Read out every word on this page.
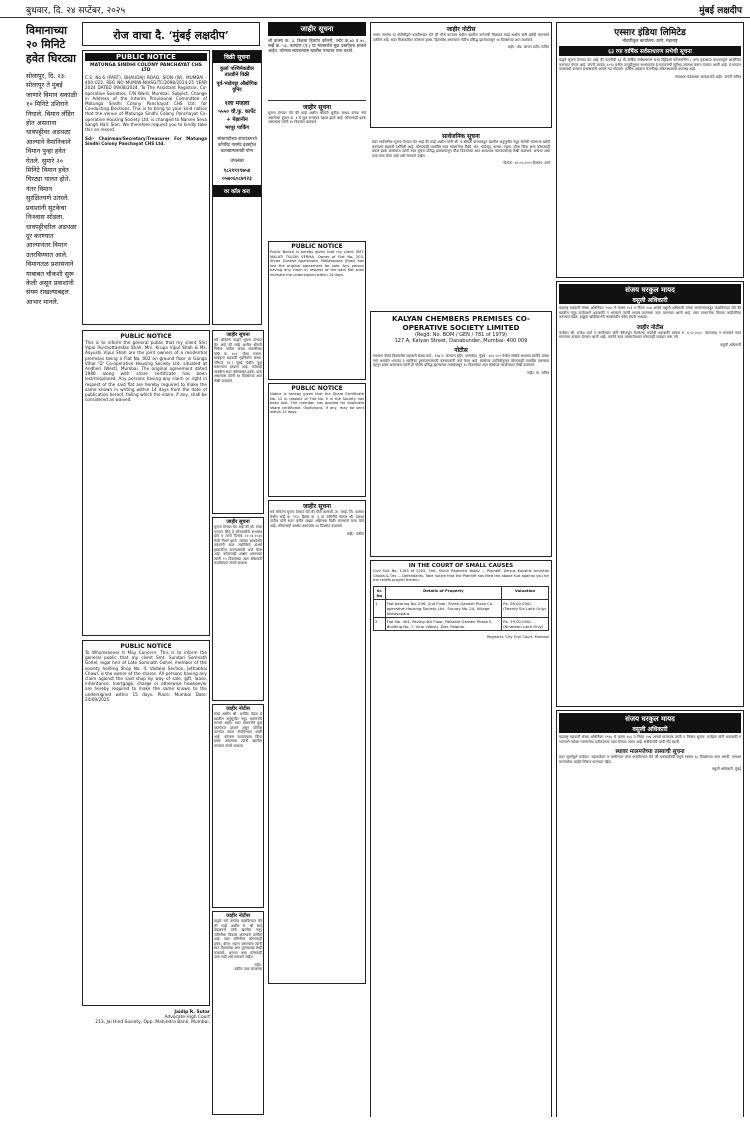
बुधवार, दि. २४ सप्टेंबर, २०२५	मुंबई लक्षदीप
विमानाच्या २० मिनिटे हवेत घिरट्या
सोलापूर, दि. २३: सोलापूर ते मुंबई जाणारे विमान सकाळी १० मिनिटे उशिराने निघाले. विमान लँडिंग होत असताना धावपट्टीवर अडथळा आल्याने वैमानिकाने विमान पुन्हा हवेत घेतले. सुमारे २० मिनिटे विमान हवेत घिरट्या घालत होते. नंतर विमान सुरक्षितपणे उतरले. प्रवाशांनी सुटकेचा निःश्वास सोडला. धावपट्टीवरील अडथळा दूर करण्यात आल्यानंतर विमान उतरविण्यात आले. विमानतळ प्रशासनाने याबाबत चौकशी सुरू केली असून प्रवाशांनी संयम राखल्याबद्दल आभार मानले.
रोज वाचा दै. ‘मुंबई लक्षदीप’
PUBLIC NOTICE
MATUNGA SINDHI COLONY PANCHAYAT CHS LTD
C.S. No.6 (PART), BHAUDAJI ROAD, SION (W), MUMBAI - 400 022. REG NO MUM/W-N/HSG/TC/2698/2024-25 YEAR 2024 DATED 09/08/2024. To The Assistant Registrar, Co-operative Societies, F/N Ward, Mumbai. Subject: Change in Address of the Interim Provisional Committee of Matunga Sindhi Colony Panchayat CHS Ltd. for Conducting Elections. This is to bring to your kind notice that the venue of Matunga Sindhi Colony Panchayat Co-operative Housing Society Ltd. is changed to Narsee Seva Sangh Hall, Sion. We therefore request you to kindly take this on record.
Sd/- Chairman/Secretary/Treasurer For Matunga Sindhi Colony Panchayat CHS Ltd.
विक्री सूचना
कुर्ला पश्चिमेकडील तातडीने विक्री
पूर्व-भाडेपट्टा औद्योगिक युनिट
१ला मजला
५५५० चौ.फु. कार्पेट
+ मेझानीन
भरपूर पार्किंग
सोसायटीच्या कंपाउंडमध्ये कॉर्पोरेट गारमेंट इंडस्ट्रीज कारखान्यासाठी योग्य
उपलब्ध
९८२१९१९७५४
०५७०६०८७९२३
वर कॉल करा
PUBLIC NOTICE
This is to inform the general public that my client Shri Vipul Purshottamdas Shah, Mrs. Krupa Vipul Shah & Ms. Aayushi Vipul Shah are the joint owners of a residential premises being a Flat No. 002 on ground floor in Ganga Vihar 'D' Co-operative Housing Society Ltd. situated at Andheri (West), Mumbai. The original agreement dated 1986 along with share certificate has been lost/misplaced. Any persons having any claim or right in respect of the said flat are hereby required to make the same known in writing within 14 days from the date of publication hereof, failing which the claim, if any, shall be considered as waived.
PUBLIC NOTICE
To Whomsoever It May Concern: This is to inform the general public that my client Smt. Sundari Somnath Gohel, legal heir of Late Somnath Gohel, member of the society holding Shop No. 4, Vadalal Section, Jethabhai Chawl, is the owner of the shares. All persons having any claim against the said shop by way of sale, gift, lease, inheritance, mortgage, charge or otherwise howsoever are hereby required to make the same known to the undersigned within 15 days. Place: Mumbai Date: 24/09/2025.
Jaidip R. Sutar
Advocate High Court
213, Jai Hind Society, Opp. Mahindra Bank, Mumbai.
जाहीर सूचना
सर्व लोकांना याद्वारे सूचना देण्यात येत आहे की माझे अशील श्रीमती निर्मला पाटील यांच्या मालकीच्या फ्लॅट क्र. ४०२, चौथा मजला, साईकृपा सहकारी गृहनिर्माण संस्था, गोरेगाव (प.) मुंबई येथील मूळ करारनामा हरवला आहे. कोणाही व्यक्तीस सदर फ्लॅटबाबत हक्क, दावा असल्यास त्यांनी १४ दिवसांच्या आत लेखी कळवावे.
जाहीर सूचना
सूचना देण्यात येत आहे की श्री. रमेश गणपत शिंदे हे सोसायटीचे सभासद होते व त्यांचे दिनांक १२.०३.२०२४ रोजी निधन झाले. त्यांच्या कायदेशीर वारसांनी सदर सदनिकेचे शेअर्स हस्तांतरित करण्यासाठी अर्ज केला आहे. कोणाचाही आक्षेप असल्यास त्यांनी १५ दिवसांच्या आत सोसायटी कार्यालयात संपर्क साधावा.
जाहीर नोटीस
माझे अशील श्री. अरविंद मेहता हे खालील अनुसूचीत नमूद मालमत्तेचे मालक आहेत. सदर मालमत्तेचे मूळ दस्तऐवज हरवले असून पोलिस ठाण्यात तक्रार नोंदविण्यात आली आहे. कोणास सापडल्यास किंवा हक्क असल्यास त्यांनी खालील पत्त्यावर संपर्क साधावा.
जाहीर नोटीस
याद्वारे सर्व जनतेस कळविण्यात येते की माझे अशील मे. श्री साई डेव्हलपर्स यांनी खालील नमूद जमिनीचा विकास करण्याचे ठरविले आहे. सदर जमिनीवर कोणाचाही हक्क, बोजा, गहाण असल्यास त्यांनी सात दिवसांच्या आत पुराव्यासह लेखी कळवावे, अन्यथा असा कोणताही दावा नाही असे समजले जाईल.
सही/-
वकील उच्च न्यायालय
जाहीर सूचना
श्री हाजरा क. ३, त्रिशला हिल्टॉप कॉलनी, प्लॉट क्र.७३ व ७८, सर्व्हे क्र. ५३, कल्याण (प.) या मालमत्तेचे मूळ दस्तऐवज हरवले आहेत. कोणास सापडल्यास खालील पत्त्यावर परत करावे.
जाहीर सूचना
सूचना देण्यात येते की माझे अशील श्रीमती सुनीता जाधव यांच्या नावे असलेल्या दुकान क्र. ६ चे मूळ करारपत्र गहाळ झाले आहे. कोणाचाही हक्क असल्यास त्यांनी १४ दिवसांत कळवावे.
PUBLIC NOTICE
Public Notice is hereby given that my client SMT. MALATI TULSHI VERMA, Owner of Flat No. 203, Shree Ganesh Apartment, Nallasopara (East) has lost the original agreement for sale. Any person having any claim in respect of the said flat shall intimate the undersigned within 14 days.
PUBLIC NOTICE
Notice is hereby given that the Share Certificate No. 12 in respect of Flat No. 5 in the Society has been lost. The member has applied for duplicate share certificate. Objections, if any, may be sent within 15 days.
जाहीर सूचना
सर्व लोकांना सूचना देण्यात येते की मौजे आगाशी, ता. वसई, जि. पालघर येथील सर्व्हे क्र. ११२, हिस्सा क्र. ३ या जमिनीचे मालक श्री. प्रकाश पाटील यांनी सदर जमीन माझ्या अशिलास विक्री करण्याचे मान्य केले आहे. कोणाचाही आक्षेप असल्यास १४ दिवसांत कळवावे.
सही/- वकील
जाहीर नोटीस
तमाम जनतेस या नोटीसीद्वारे कळविण्यात येते की मौजे कल्याण येथील खालील वर्णनाची मिळकत माझे अशील यांनी खरेदी करण्याचे ठरविले आहे. सदर मिळकतीवर कोणाचा हक्क, हितसंबंध असल्यास नोटीस प्रसिद्ध झाल्यापासून १४ दिवसांच्या आत कळवावे.
सही/- ॲड. कांचन प्रदीप पाटील
सार्वजनिक सूचना
सदर सार्वजनिक सूचना देण्यात येत आहे की माझे अशील यांनी श्री. व श्रीमती यांच्याकडून खालील अनुसूचीत नमूद केलेली मालमत्ता खरेदी करण्यास सहमती दर्शविली आहे. कोणत्याही व्यक्तीस सदर मालमत्तेवर विक्री, भेट, भाडेपट्टा, वारसा, गहाण, बोजा किंवा अन्य कोणत्याही प्रकारे हक्क असल्यास त्यांनी सदर सूचना प्रसिद्ध झाल्यापासून चौदा दिवसांच्या आत आवश्यक कागदपत्रांसह लेखी कळवावे, अन्यथा असा दावा माफ केला आहे असे समजले जाईल.
दिनांक: २४.०९.२०२५ ठिकाण: ठाणे
KALYAN CHEMBERS PREMISES CO-OPERATIVE SOCIETY LIMITED
(Regd. No. BOM / GEN / 781 of 1979)
127 A, Kalyan Street, Danabunder, Mumbai- 400 009
नोटीस
कल्याण चेंबर्स प्रिमायसेस सहकारी संस्था मर्या., १२७ ए, कल्याण स्ट्रीट, दाणाबंदर, मुंबई - ४०० ००९ येथील संस्थेचे सभासद स्वर्गीय यांच्या नावे असलेले भागपत्र व सदनिका हस्तांतरणासाठी वारसदारांनी अर्ज केला आहे. संस्थेच्या उपविधीनुसार कोणत्याही व्यक्तीस वारसदार म्हणून हक्क असल्यास त्यांनी ही नोटीस प्रसिद्ध झाल्याच्या तारखेपासून १५ दिवसांच्या आत संस्थेच्या कार्यालयात लेखी कळवावे.
सही/- मा. सचिव
IN THE COURT OF SMALL CAUSES
Civil Suit No. 1183 of 2025. Smt. Shirin Rajendra Yadav ... Plaintiff. Versus Kaushik Amrutlal Ghada & Ors ... Defendants. Take notice that the Plaintiff has filed the above suit against you for the reliefs prayed therein.
Sr. No	Details of Property	Valuation
1	Flat bearing No. 206, 2nd Floor, Shree Ganesh Plaza Co-operative Housing Society Ltd., Survey No. 24, Village Nallasopara.	Rs. 26,00,000/- (Twenty Six Lakh Only)
2	Flat No. 404, Paving 4th Floor, Reliable Garden Phase II, Building No. 7, Virar (West), Dist. Palghar.	Rs. 19,00,000/- (Nineteen Lakh Only)
Registrar, City Civil Court, Mumbai
एस्सार इंडिया लिमिटेड
नोंदणीकृत कार्यालय: ठाणे, महाराष्ट्र
६३ व्या वार्षिक सर्वसाधारण सभेची सूचना
याद्वारे सूचना देण्यात येत आहे की कंपनीची ६३ वी वार्षिक सर्वसाधारण सभा व्हिडिओ कॉन्फरन्सिंग / अन्य दृकश्राव्य माध्यमाद्वारे आयोजित करण्यात येणार आहे. कंपनी कायदा २०१३ मधील तरतुदीनुसार सभासदांना ई-मतदानाची सुविधा उपलब्ध करून देण्यात आली आहे. ई-मतदान कालावधी दरम्यान सभासदांनी आपले मत नोंदवावे. वार्षिक अहवाल कंपनीच्या संकेतस्थळावर उपलब्ध आहे.
संचालक मंडळाच्या आदेशान्वये सही/- कंपनी सचिव
संजय घरकुल मायद
वसुली अधिकारी
महाराष्ट्र सहकारी संस्था अधिनियम १९६० चे कलम १०१ व नियम १०७ अन्वये वसुली अधिकारी यांच्या कार्यालयाकडून कळविण्यात येते की खालील नमूद कर्जदाराने थकबाकी न भरल्याने त्यांची स्थावर मालमत्ता जप्त करण्यात आली आहे. सदर मालमत्तेचा लिलाव जाहीररीत्या करण्यात येईल. इच्छुक खरेदीदारांनी कार्यालयीन वेळेत संपर्क साधावा.
जाहीर नोटीस
कर्जदार श्री. राजेश शर्मा व जामीनदार यांनी बँकेकडून घेतलेल्या कर्जाची थकबाकी रक्कम रु. ४,५२,०००/- व्याजासह न भरल्याने सदर मालमत्ता ताब्यात घेण्यात आली आहे. जनतेने सदर मालमत्तेबाबत कोणताही व्यवहार करू नये.
वसुली अधिकारी
संजय घरकुल मायद
वसुली अधिकारी
महाराष्ट्र सहकारी संस्था अधिनियम १९६० चे कलम १५६ व नियम १०७ अन्वये मालमत्ता जप्ती व लिलाव सूचना. कर्जदार यांनी थकबाकी न भरल्याने त्यांच्या मालमत्तेचा प्रतीकात्मक ताबा घेण्यात आला आहे. संबंधितांनी याची नोंद घ्यावी.
स्थावर मालमत्तेच्या ताब्याची सूचना
सदर सूचनेद्वारे कर्जदार, सहकर्जदार व जामीनदार यांना कळविण्यात येते की थकबाकीची संपूर्ण रक्कम ६० दिवसांच्या आत भरावी, अन्यथा मालमत्तेचा जाहीर लिलाव करण्यात येईल.
वसुली अधिकारी, मुंबई
